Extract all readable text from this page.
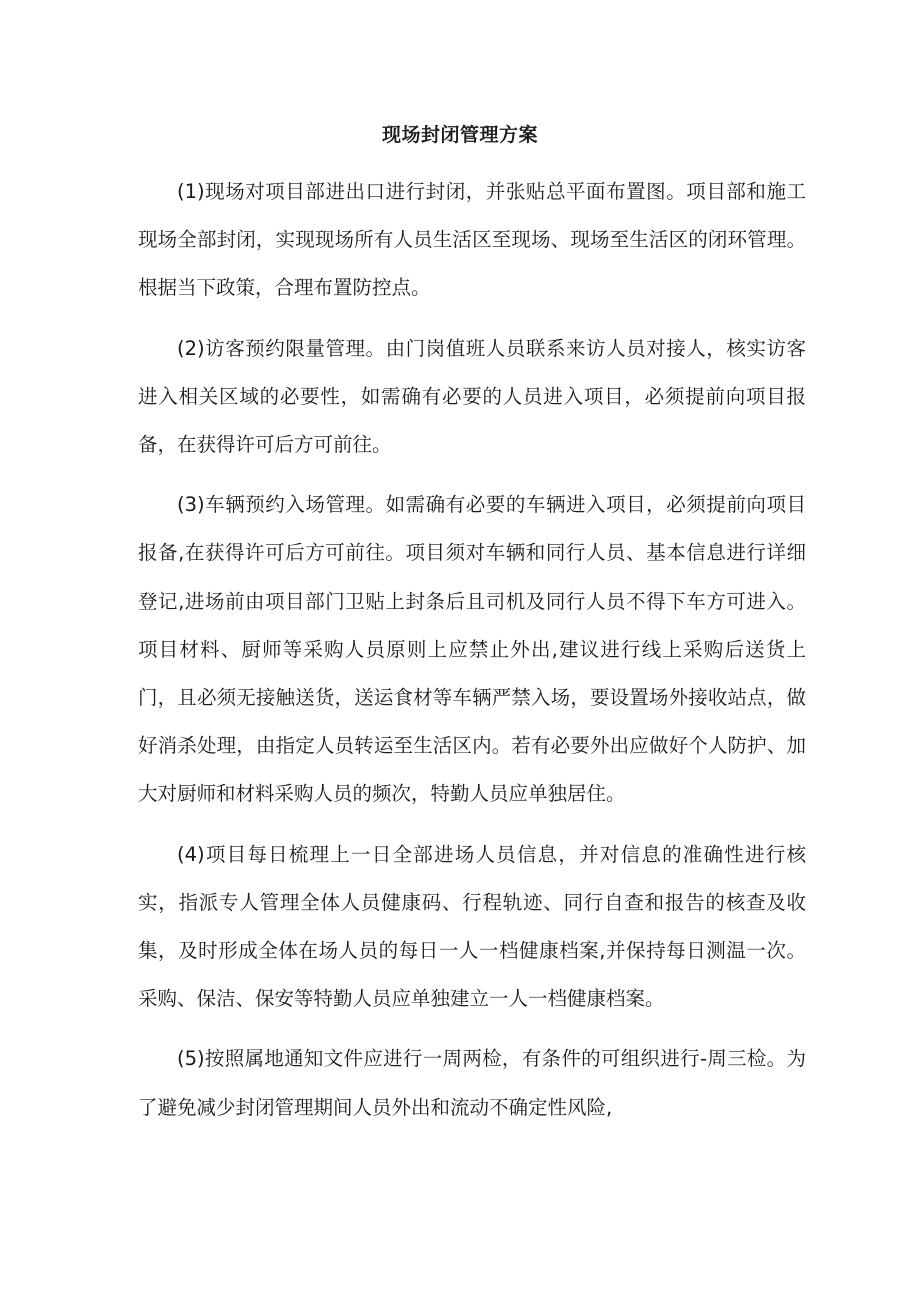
现场封闭管理方案

(1)现场对项目部进出口进行封闭，并张贴总平面布置图。项目部和施工现场全部封闭，实现现场所有人员生活区至现场、现场至生活区的闭环管理。根据当下政策，合理布置防控点。

(2)访客预约限量管理。由门岗值班人员联系来访人员对接人，核实访客进入相关区域的必要性，如需确有必要的人员进入项目，必须提前向项目报备，在获得许可后方可前往。

(3)车辆预约入场管理。如需确有必要的车辆进入项目，必须提前向项目报备,在获得许可后方可前往。项目须对车辆和同行人员、基本信息进行详细登记,进场前由项目部门卫贴上封条后且司机及同行人员不得下车方可进入。项目材料、厨师等采购人员原则上应禁止外出,建议进行线上采购后送货上门，且必须无接触送货，送运食材等车辆严禁入场，要设置场外接收站点，做好消杀处理，由指定人员转运至生活区内。若有必要外出应做好个人防护、加大对厨师和材料采购人员的频次，特勤人员应单独居住。

(4)项目每日梳理上一日全部进场人员信息，并对信息的准确性进行核实，指派专人管理全体人员健康码、行程轨迹、同行自查和报告的核查及收集，及时形成全体在场人员的每日一人一档健康档案,并保持每日测温一次。采购、保洁、保安等特勤人员应单独建立一人一档健康档案。

(5)按照属地通知文件应进行一周两检，有条件的可组织进行-周三检。为了避免减少封闭管理期间人员外出和流动不确定性风险,
